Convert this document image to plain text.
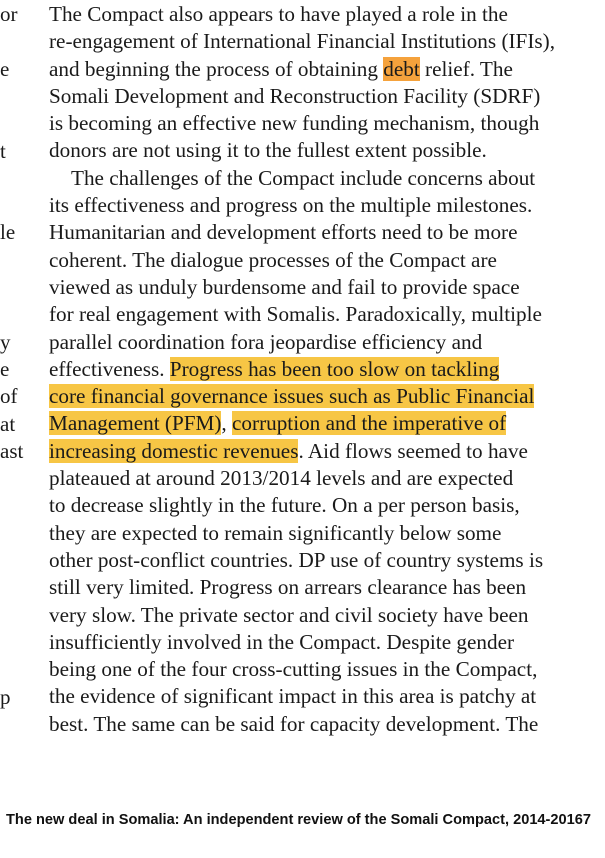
or
e
t
le
y
e
of
at
ast
p
The Compact also appears to have played a role in the
re-engagement of International Financial Institutions (IFIs),
and beginning the process of obtaining debt relief. The
Somali Development and Reconstruction Facility (SDRF)
is becoming an effective new funding mechanism, though
donors are not using it to the fullest extent possible.
The challenges of the Compact include concerns about
its effectiveness and progress on the multiple milestones.
Humanitarian and development efforts need to be more
coherent. The dialogue processes of the Compact are
viewed as unduly burdensome and fail to provide space
for real engagement with Somalis. Paradoxically, multiple
parallel coordination fora jeopardise efficiency and
effectiveness. Progress has been too slow on tackling
core financial governance issues such as Public Financial
Management (PFM), corruption and the imperative of
increasing domestic revenues. Aid flows seemed to have
plateaued at around 2013/2014 levels and are expected
to decrease slightly in the future. On a per person basis,
they are expected to remain significantly below some
other post-conflict countries. DP use of country systems is
still very limited. Progress on arrears clearance has been
very slow. The private sector and civil society have been
insufficiently involved in the Compact. Despite gender
being one of the four cross-cutting issues in the Compact,
the evidence of significant impact in this area is patchy at
best. The same can be said for capacity development. The
The new deal in Somalia: An independent review of the Somali Compact, 2014-2016 7
